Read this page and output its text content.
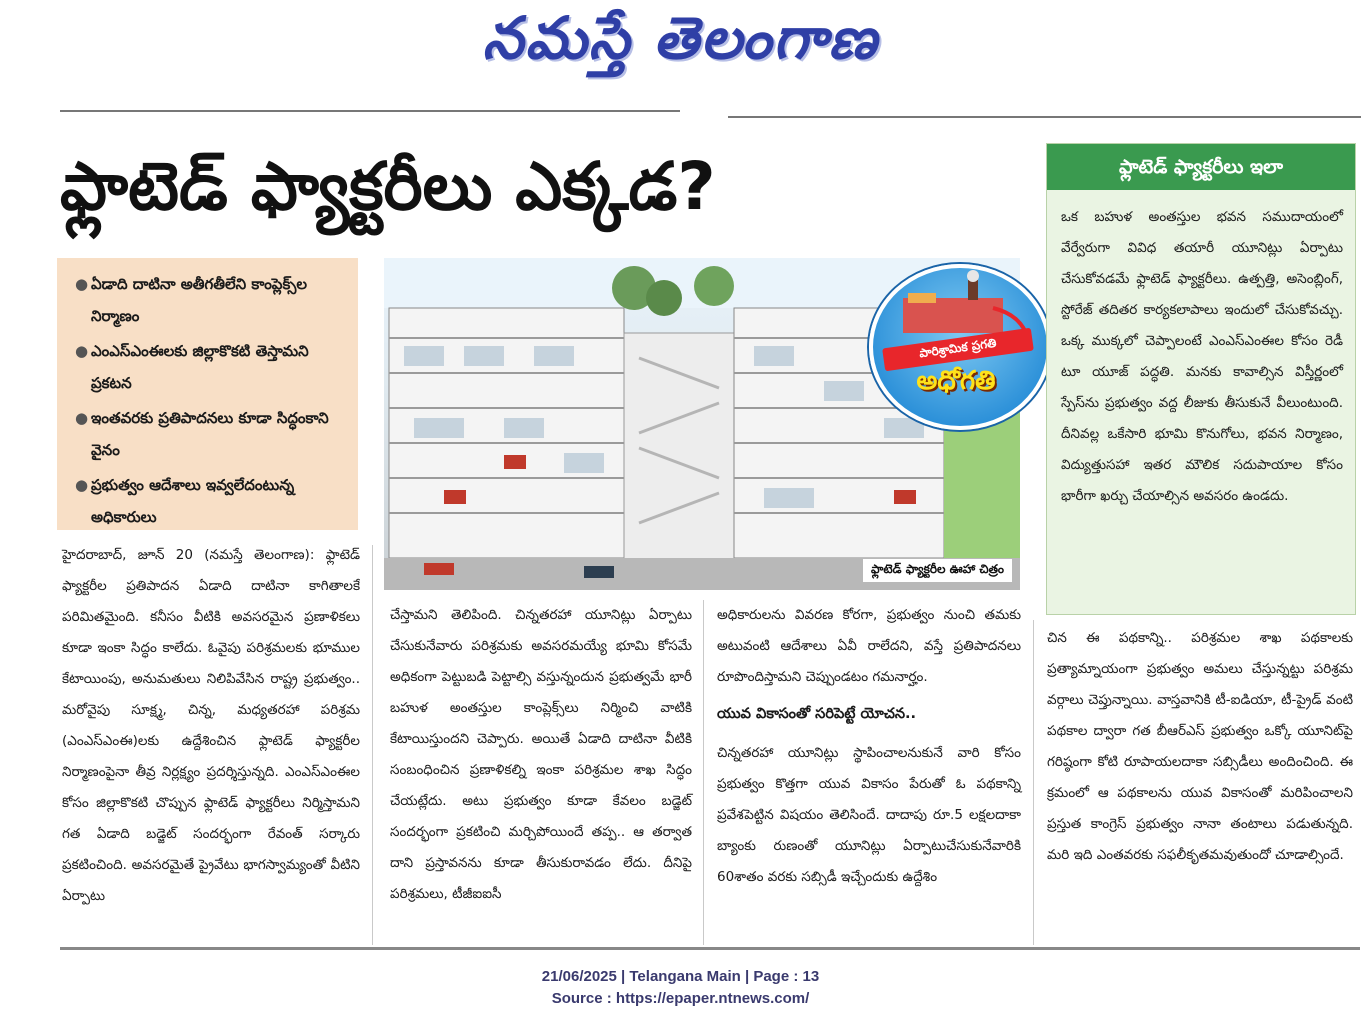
నమస్తే తెలంగాణ
ఫ్లాటెడ్ ఫ్యాక్టరీలు ఎక్కడ?
● ఏడాది దాటినా అతీగతీలేని కాంప్లెక్స్‌ల నిర్మాణం
● ఎంఎస్‌ఎంఈలకు జిల్లాకొకటి తెస్తామని ప్రకటన
● ఇంతవరకు ప్రతిపాదనలు కూడా సిద్ధంకాని వైనం
● ప్రభుత్వం ఆదేశాలు ఇవ్వలేదంటున్న అధికారులు
ఫ్లాటెడ్ ఫ్యాక్టరీల ఊహా చిత్రం
పారిశ్రామిక ప్రగతి
అధోగతి
ఫ్లాటెడ్ ఫ్యాక్టరీలు ఇలా
ఒక బహుళ అంతస్తుల భవన సముదాయంలో వేర్వేరుగా వివిధ తయారీ యూనిట్లు ఏర్పాటు చేసుకోవడమే ఫ్లాటెడ్ ఫ్యాక్టరీలు. ఉత్పత్తి, అసెంబ్లింగ్, స్టోరేజ్ తదితర కార్యకలాపాలు ఇందులో చేసుకోవచ్చు. ఒక్క ముక్కలో చెప్పాలంటే ఎంఎస్‌ఎంఈల కోసం రెడీ టూ యూజ్ పద్ధతి. మనకు కావాల్సిన విస్తీర్ణంలో స్పేస్‌ను ప్రభుత్వం వద్ద లీజుకు తీసుకునే వీలుంటుంది. దీనివల్ల ఒకేసారి భూమి కొనుగోలు, భవన నిర్మాణం, విద్యుత్తుసహా ఇతర మౌలిక సదుపాయాల కోసం భారీగా ఖర్చు చేయాల్సిన అవసరం ఉండదు.
హైదరాబాద్, జూన్ 20 (నమస్తే తెలంగాణ): ఫ్లాటెడ్ ఫ్యాక్టరీల ప్రతిపాదన ఏడాది దాటినా కాగితాలకే పరిమితమైంది. కనీసం వీటికి అవసరమైన ప్రణాళికలు కూడా ఇంకా సిద్ధం కాలేదు. ఓవైపు పరిశ్రమలకు భూముల కేటాయింపు, అనుమతులు నిలిపివేసిన రాష్ట్ర ప్రభుత్వం.. మరోవైపు సూక్ష్మ, చిన్న, మధ్యతరహా పరిశ్రమ (ఎంఎస్‌ఎంఈ)లకు ఉద్దేశించిన ఫ్లాటెడ్ ఫ్యాక్టరీల నిర్మాణంపైనా తీవ్ర నిర్లక్ష్యం ప్రదర్శిస్తున్నది. ఎంఎస్‌ఎంఈల కోసం జిల్లాకొకటి చొప్పున ఫ్లాటెడ్ ఫ్యాక్టరీలు నిర్మిస్తామని గత ఏడాది బడ్జెట్ సందర్భంగా రేవంత్ సర్కారు ప్రకటించింది. అవసరమైతే ప్రైవేటు భాగస్వామ్యంతో వీటిని ఏర్పాటు
చేస్తామని తెలిపింది. చిన్నతరహా యూనిట్లు ఏర్పాటు చేసుకునేవారు పరిశ్రమకు అవసరమయ్యే భూమి కోసమే అధికంగా పెట్టుబడి పెట్టాల్సి వస్తున్నందున ప్రభుత్వమే భారీ బహుళ అంతస్తుల కాంప్లెక్స్‌లు నిర్మించి వాటికి కేటాయిస్తుందని చెప్పారు. అయితే ఏడాది దాటినా వీటికి సంబంధించిన ప్రణాళికల్ని ఇంకా పరిశ్రమల శాఖ సిద్ధం చేయట్లేదు. అటు ప్రభుత్వం కూడా కేవలం బడ్జెట్ సందర్భంగా ప్రకటించి మర్చిపోయిందే తప్ప.. ఆ తర్వాత దాని ప్రస్తావనను కూడా తీసుకురావడం లేదు. దీనిపై పరిశ్రమలు, టీజీఐఐసీ
అధికారులను వివరణ కోరగా, ప్రభుత్వం నుంచి తమకు అటువంటి ఆదేశాలు ఏవీ రాలేదని, వస్తే ప్రతిపాదనలు రూపొందిస్తామని చెప్పుండటం గమనార్హం.
యువ వికాసంతో సరిపెట్టే యోచన..
చిన్నతరహా యూనిట్లు స్థాపించాలనుకునే వారి కోసం ప్రభుత్వం కొత్తగా యువ వికాసం పేరుతో ఓ పథకాన్ని ప్రవేశపెట్టిన విషయం తెలిసిందే. దాదాపు రూ.5 లక్షలదాకా బ్యాంకు రుణంతో యూనిట్లు ఏర్పాటుచేసుకునేవారికి 60శాతం వరకు సబ్సిడీ ఇచ్చేందుకు ఉద్దేశిం
చిన ఈ పథకాన్ని.. పరిశ్రమల శాఖ పథకాలకు ప్రత్యామ్నాయంగా ప్రభుత్వం అమలు చేస్తున్నట్టు పరిశ్రమ వర్గాలు చెప్తున్నాయి. వాస్తవానికి టీ-ఐడియా, టీ-ప్రైడ్ వంటి పథకాల ద్వారా గత బీఆర్‌ఎస్ ప్రభుత్వం ఒక్కో యూనిట్‌పై గరిష్ఠంగా కోటి రూపాయలదాకా సబ్సిడీలు అందించింది. ఈ క్రమంలో ఆ పథకాలను యువ వికాసంతో మరిపించాలని ప్రస్తుత కాంగ్రెస్ ప్రభుత్వం నానా తంటాలు పడుతున్నది. మరి ఇది ఎంతవరకు సఫలీకృతమవుతుందో చూడాల్సిందే.
21/06/2025 | Telangana Main | Page : 13
Source : https://epaper.ntnews.com/
